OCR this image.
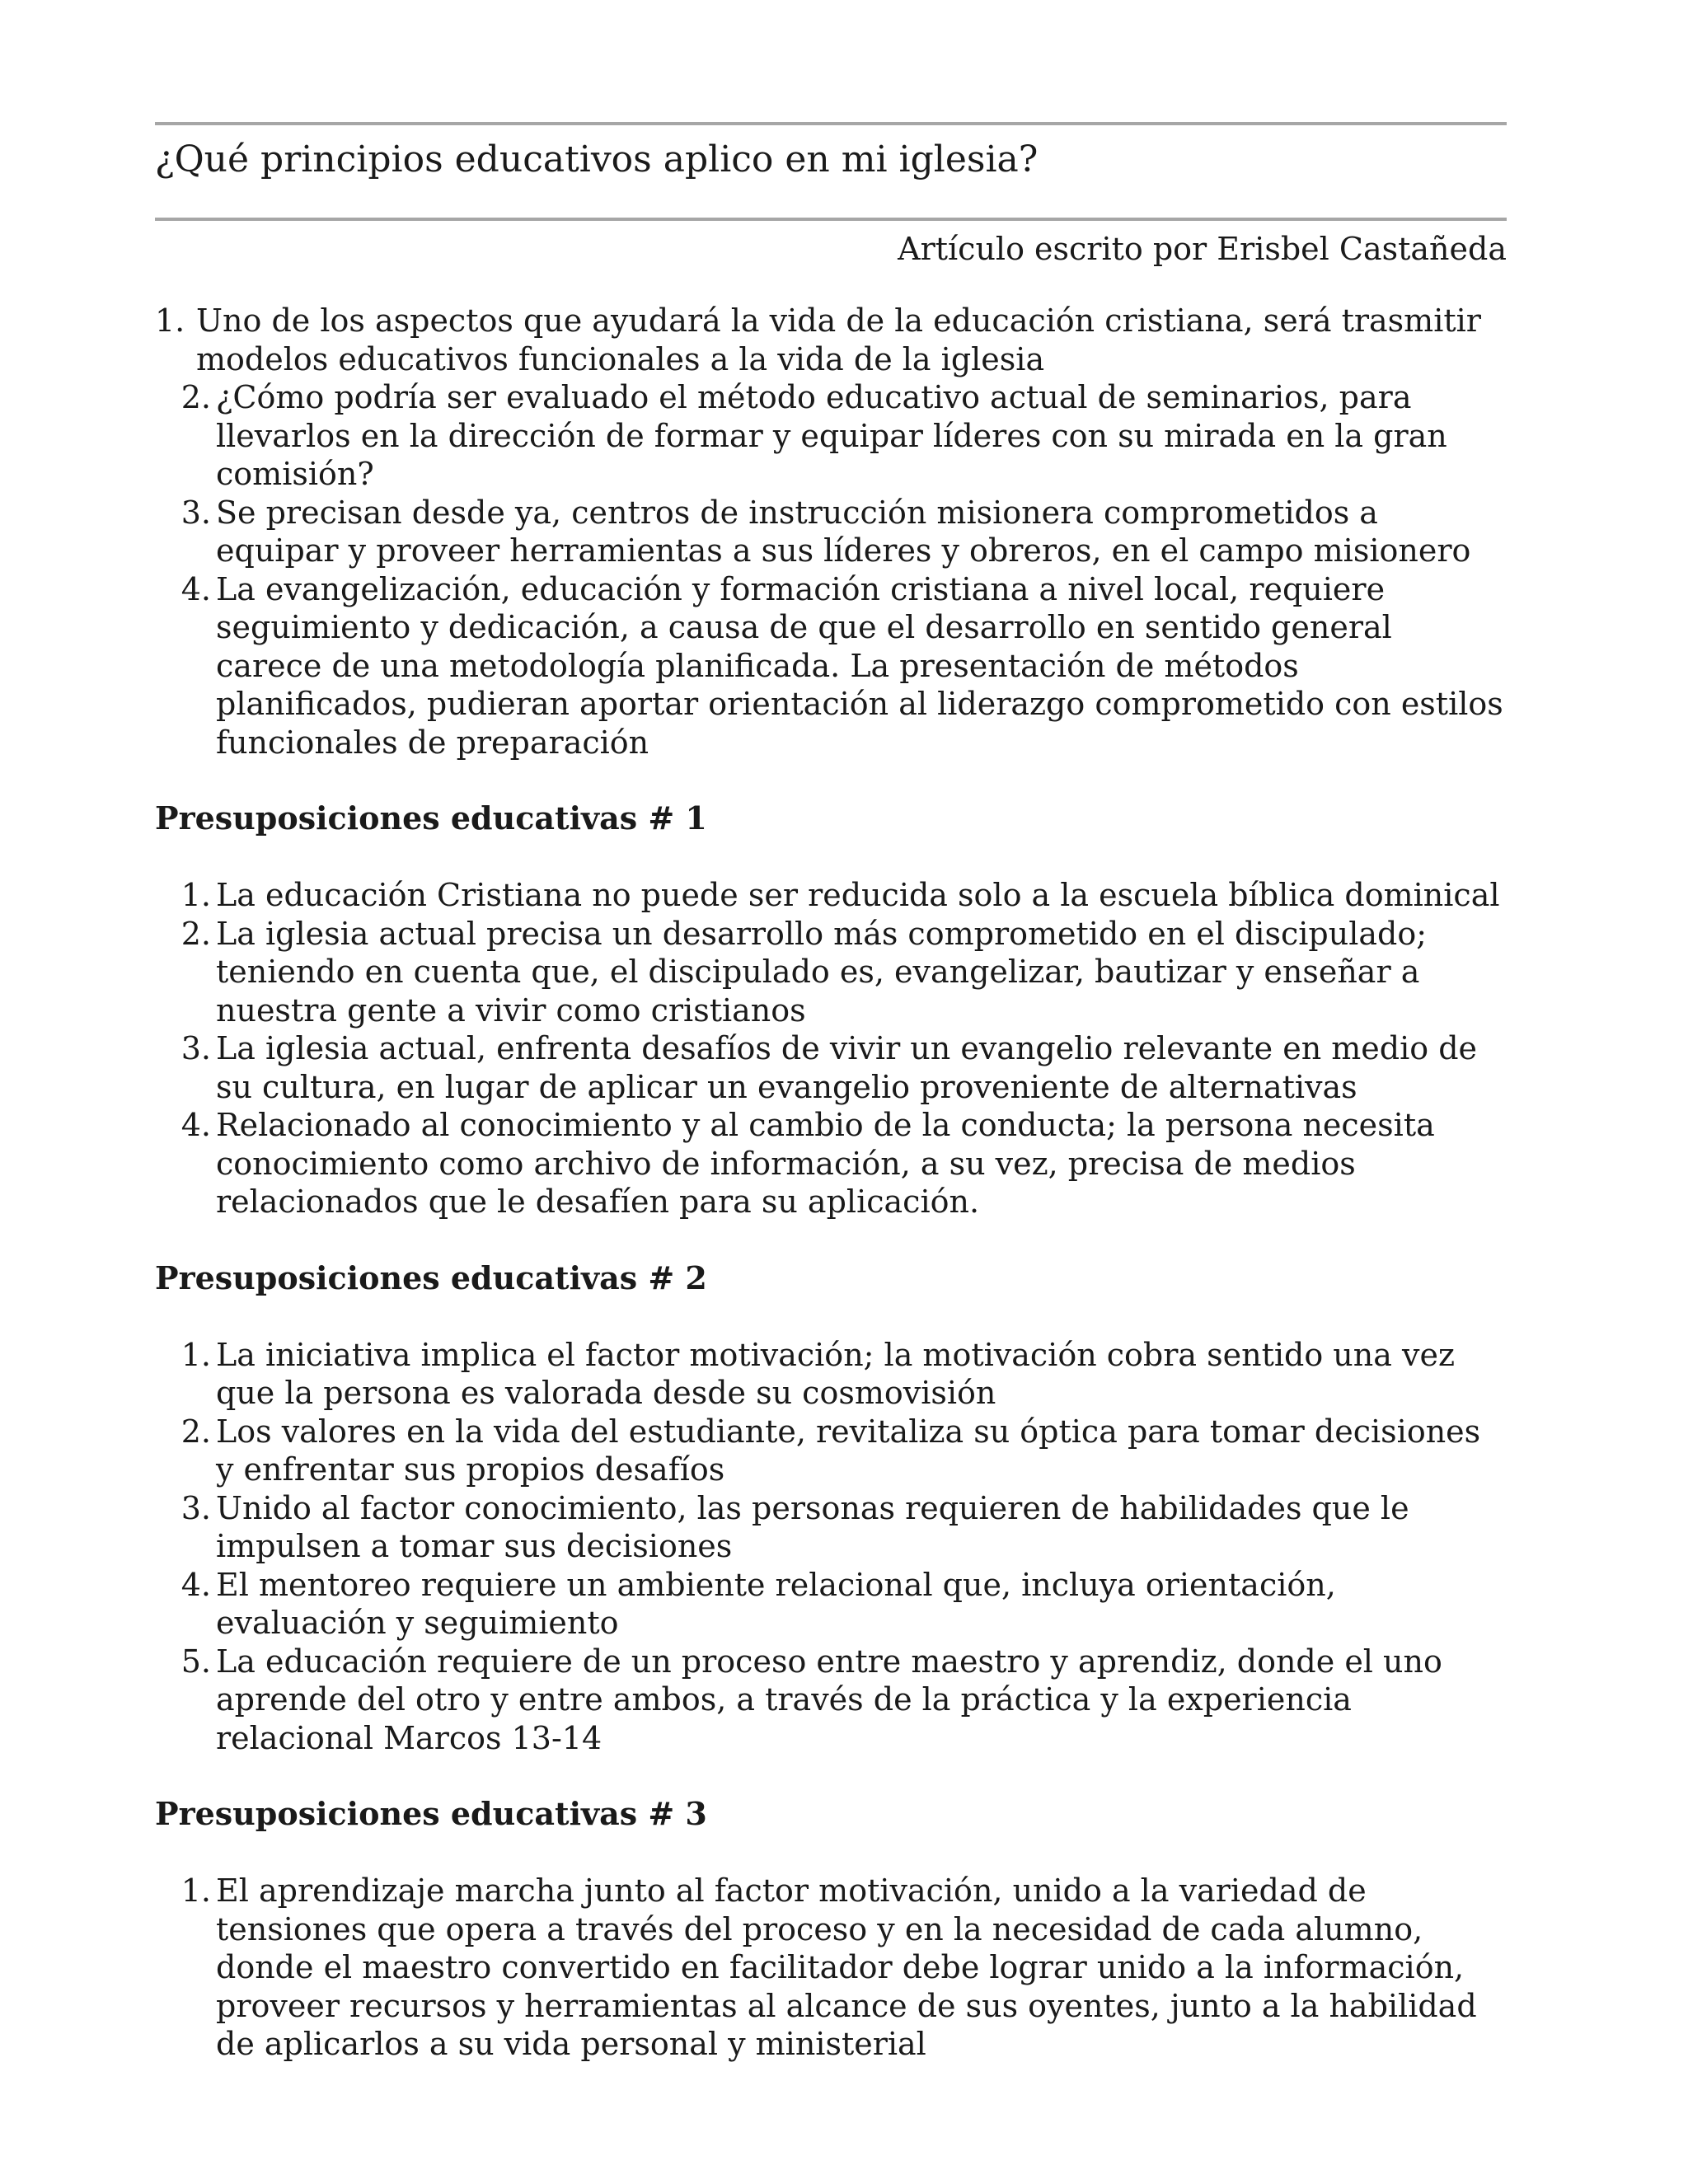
¿Qué principios educativos aplico en mi iglesia?
Artículo escrito por Erisbel Castañeda
1. Uno de los aspectos que ayudará la vida de la educación cristiana, será trasmitir modelos educativos funcionales a la vida de la iglesia
2. ¿Cómo podría ser evaluado el método educativo actual de seminarios, para llevarlos en la dirección de formar y equipar líderes con su mirada en la gran comisión?
3. Se precisan desde ya, centros de instrucción misionera comprometidos a equipar y proveer herramientas a sus líderes y obreros, en el campo misionero
4. La evangelización, educación y formación cristiana a nivel local, requiere seguimiento y dedicación, a causa de que el desarrollo en sentido general carece de una metodología planificada. La presentación de métodos planificados, pudieran aportar orientación al liderazgo comprometido con estilos funcionales de preparación
Presuposiciones educativas # 1
1. La educación Cristiana no puede ser reducida solo a la escuela bíblica dominical
2. La iglesia actual precisa un desarrollo más comprometido en el discipulado; teniendo en cuenta que, el discipulado es, evangelizar, bautizar y enseñar a nuestra gente a vivir como cristianos
3. La iglesia actual, enfrenta desafíos de vivir un evangelio relevante en medio de su cultura, en lugar de aplicar un evangelio proveniente de alternativas
4. Relacionado al conocimiento y al cambio de la conducta; la persona necesita conocimiento como archivo de información, a su vez, precisa de medios relacionados que le desafíen para su aplicación.
Presuposiciones educativas # 2
1. La iniciativa implica el factor motivación; la motivación cobra sentido una vez que la persona es valorada desde su cosmovisión
2. Los valores en la vida del estudiante, revitaliza su óptica para tomar decisiones y enfrentar sus propios desafíos
3. Unido al factor conocimiento, las personas requieren de habilidades que le impulsen a tomar sus decisiones
4. El mentoreo requiere un ambiente relacional que, incluya orientación, evaluación y seguimiento
5. La educación requiere de un proceso entre maestro y aprendiz, donde el uno aprende del otro y entre ambos, a través de la práctica y la experiencia relacional Marcos 13-14
Presuposiciones educativas # 3
1. El aprendizaje marcha junto al factor motivación, unido a la variedad de tensiones que opera a través del proceso y en la necesidad de cada alumno, donde el maestro convertido en facilitador debe lograr unido a la información, proveer recursos y herramientas al alcance de sus oyentes, junto a la habilidad de aplicarlos a su vida personal y ministerial
